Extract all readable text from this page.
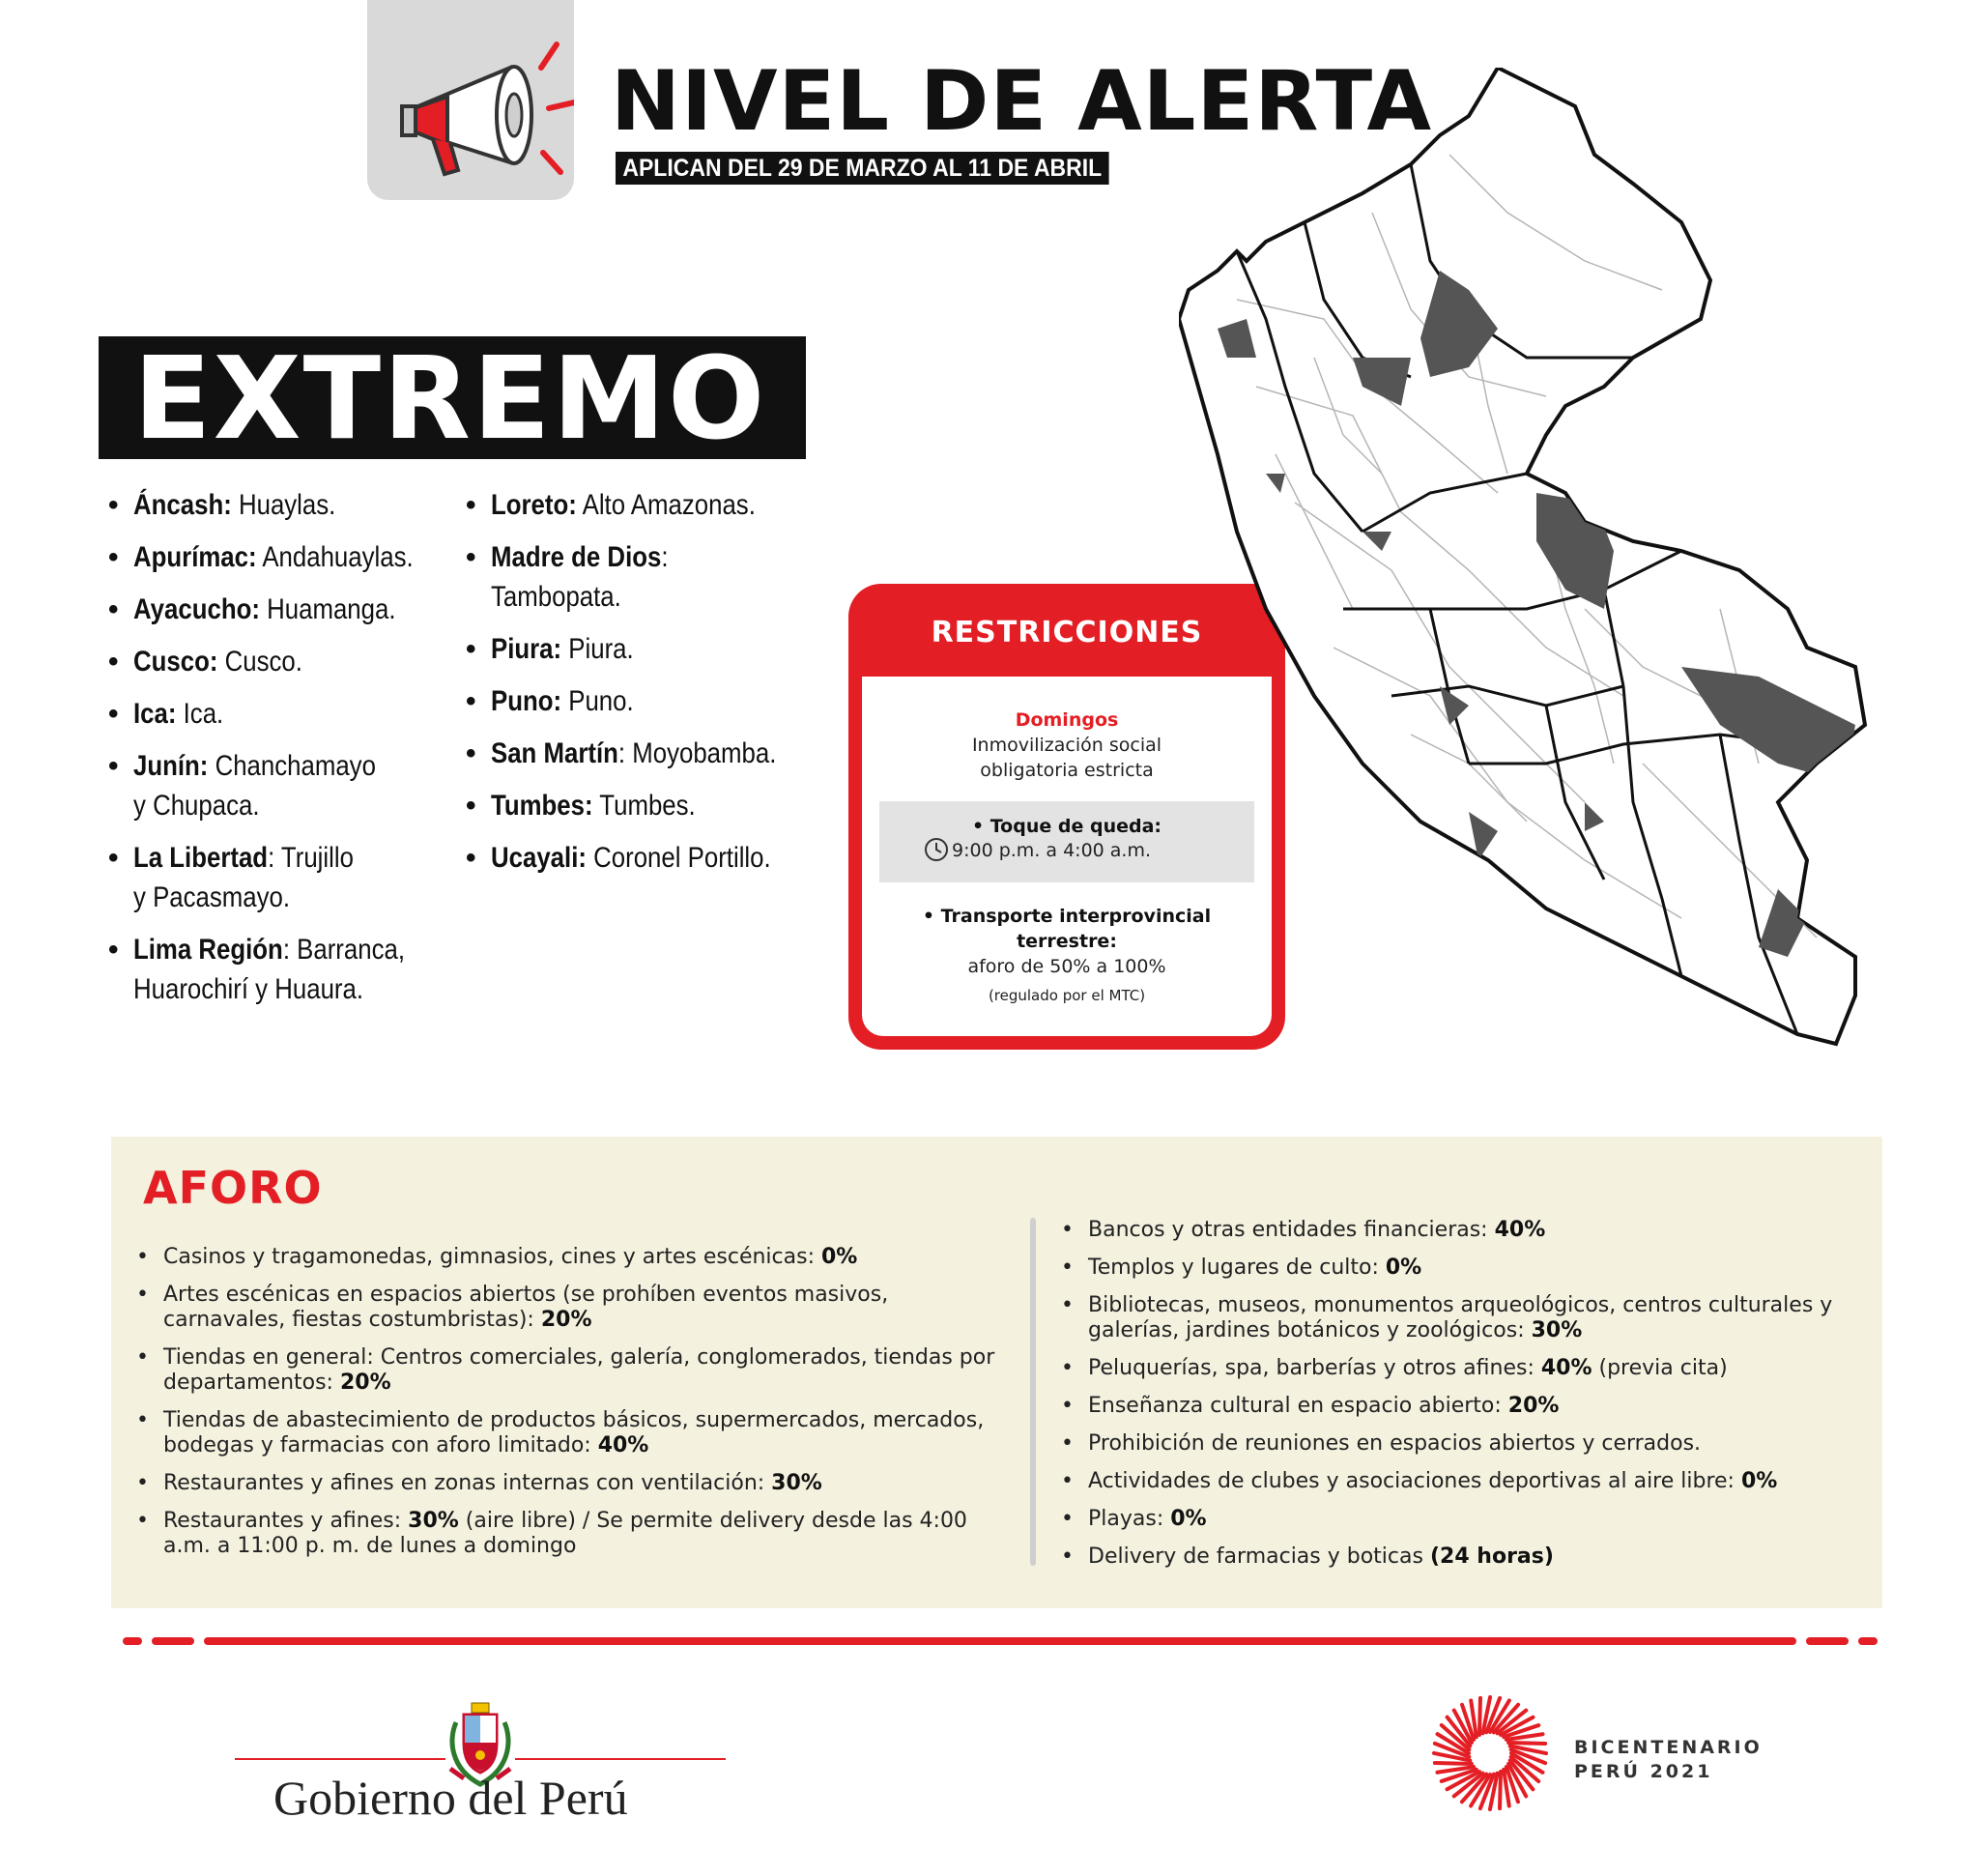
NIVEL DE ALERTA
APLICAN DEL 29 DE MARZO AL 11 DE ABRIL
EXTREMO
• Áncash: Huaylas.
• Apurímac: Andahuaylas.
• Ayacucho: Huamanga.
• Cusco: Cusco.
• Ica: Ica.
• Junín: Chanchamayo
y Chupaca.
• La Libertad: Trujillo
y Pacasmayo.
• Lima Región: Barranca,
Huarochirí y Huaura.
• Loreto: Alto Amazonas.
• Madre de Dios:
Tambopata.
• Piura: Piura.
• Puno: Puno.
• San Martín: Moyobamba.
• Tumbes: Tumbes.
• Ucayali: Coronel Portillo.
RESTRICCIONES
Domingos
Inmovilización social
obligatoria estricta
• Toque de queda:
9:00 p.m. a 4:00 a.m.
• Transporte interprovincial
terrestre:
aforo de 50% a 100%
(regulado por el MTC)
AFORO
• Casinos y tragamonedas, gimnasios, cines y artes escénicas: 0%
• Artes escénicas en espacios abiertos (se prohíben eventos masivos, carnavales, fiestas costumbristas): 20%
• Tiendas en general: Centros comerciales, galería, conglomerados, tiendas por departamentos: 20%
• Tiendas de abastecimiento de productos básicos, supermercados, mercados, bodegas y farmacias con aforo limitado: 40%
• Restaurantes y afines en zonas internas con ventilación: 30%
• Restaurantes y afines: 30% (aire libre) / Se permite delivery desde las 4:00 a.m. a 11:00 p. m. de lunes a domingo
• Bancos y otras entidades financieras: 40%
• Templos y lugares de culto: 0%
• Bibliotecas, museos, monumentos arqueológicos, centros culturales y galerías, jardines botánicos y zoológicos: 30%
• Peluquerías, spa, barberías y otros afines: 40% (previa cita)
• Enseñanza cultural en espacio abierto: 20%
• Prohibición de reuniones en espacios abiertos y cerrados.
• Actividades de clubes y asociaciones deportivas al aire libre: 0%
• Playas: 0%
• Delivery de farmacias y boticas (24 horas)
Gobierno del Perú
BICENTENARIO
PERÚ 2021
